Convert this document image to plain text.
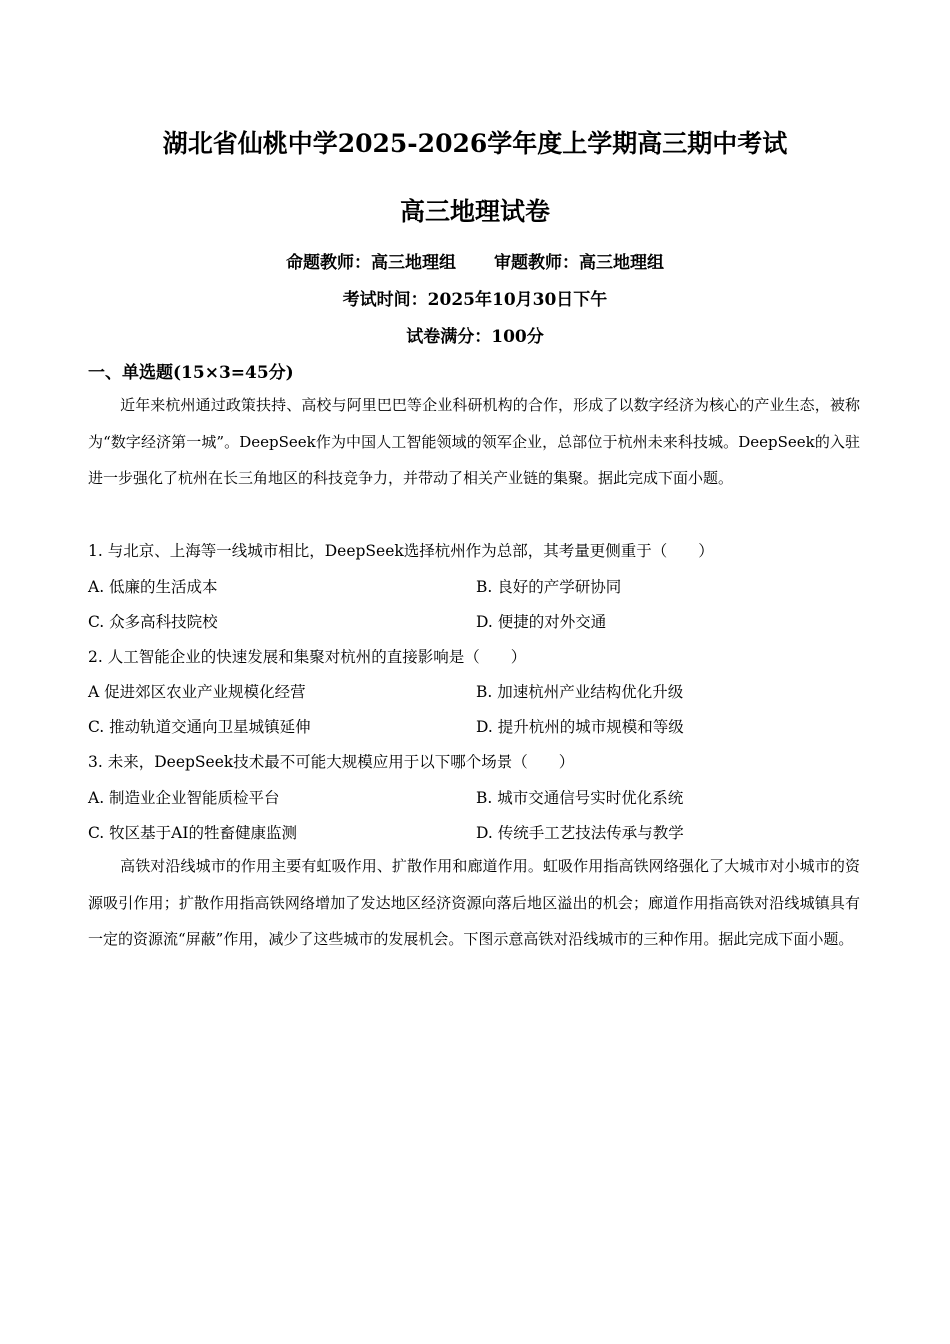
湖北省仙桃中学2025-2026学年度上学期高三期中考试
高三地理试卷
命题教师：高三地理组 审题教师：高三地理组
考试时间：2025年10月30日下午
试卷满分：100分
一、单选题(15×3=45分)
近年来杭州通过政策扶持、高校与阿里巴巴等企业科研机构的合作，形成了以数字经济为核心的产业生态，被称为“数字经济第一城”。DeepSeek作为中国人工智能领域的领军企业，总部位于杭州未来科技城。DeepSeek的入驻进一步强化了杭州在长三角地区的科技竞争力，并带动了相关产业链的集聚。据此完成下面小题。
1. 与北京、上海等一线城市相比，DeepSeek选择杭州作为总部，其考量更侧重于（　　）
A. 低廉的生活成本	B. 良好的产学研协同
C. 众多高科技院校	D. 便捷的对外交通
2. 人工智能企业的快速发展和集聚对杭州的直接影响是（　　）
A 促进郊区农业产业规模化经营	B. 加速杭州产业结构优化升级
C. 推动轨道交通向卫星城镇延伸	D. 提升杭州的城市规模和等级
3. 未来，DeepSeek技术最不可能大规模应用于以下哪个场景（　　）
A. 制造业企业智能质检平台	B. 城市交通信号实时优化系统
C. 牧区基于AI的牲畜健康监测	D. 传统手工艺技法传承与教学
高铁对沿线城市的作用主要有虹吸作用、扩散作用和廊道作用。虹吸作用指高铁网络强化了大城市对小城市的资源吸引作用；扩散作用指高铁网络增加了发达地区经济资源向落后地区溢出的机会；廊道作用指高铁对沿线城镇具有一定的资源流“屏蔽”作用，减少了这些城市的发展机会。下图示意高铁对沿线城市的三种作用。据此完成下面小题。
